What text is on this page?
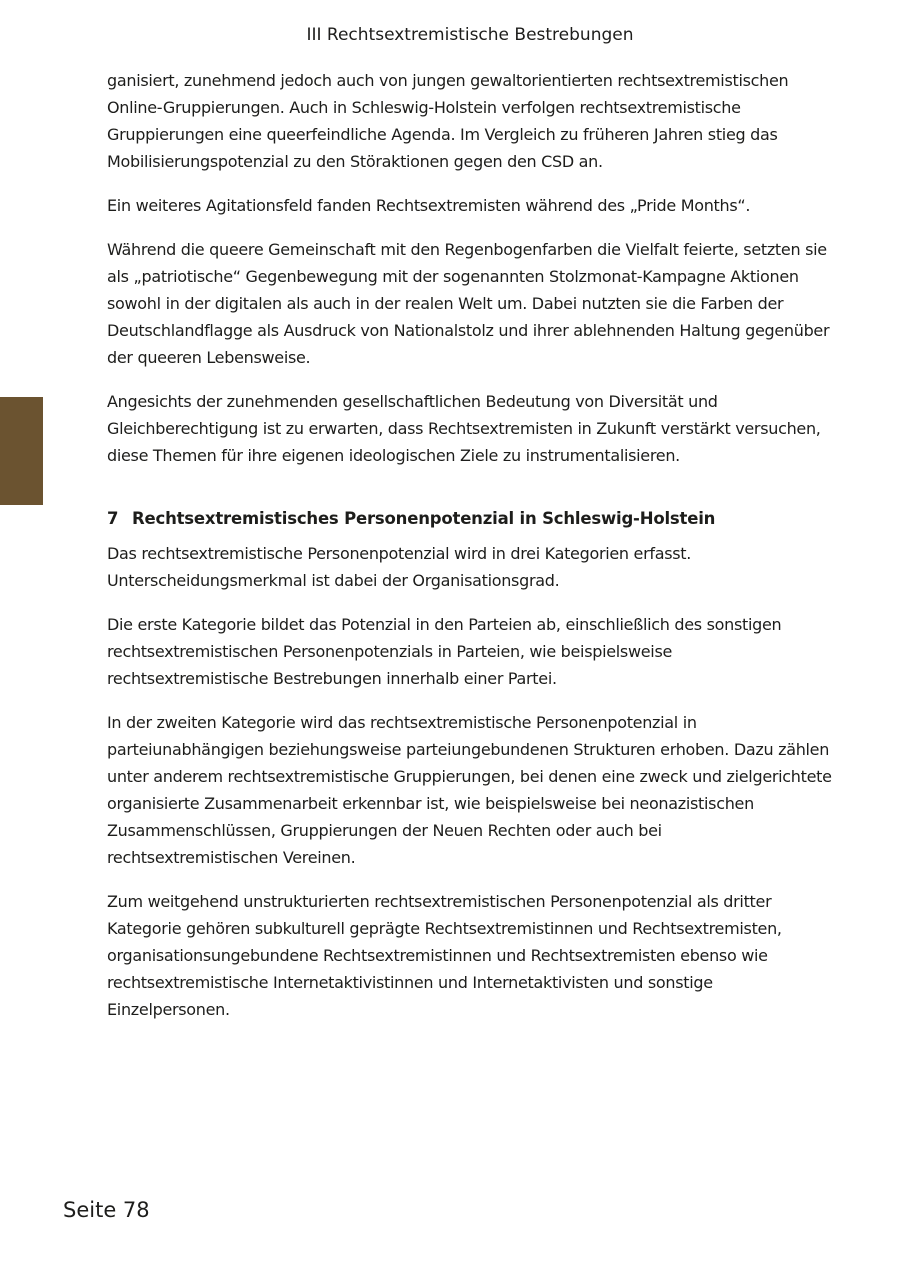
III Rechtsextremistische Bestrebungen

ganisiert, zunehmend jedoch auch von jungen gewaltorientierten rechtsextremistischen Online-Gruppierungen. Auch in Schleswig-Holstein verfolgen rechtsextremistische Gruppierungen eine queerfeindliche Agenda. Im Vergleich zu früheren Jahren stieg das Mobilisierungspotenzial zu den Störaktionen gegen den CSD an.

Ein weiteres Agitationsfeld fanden Rechtsextremisten während des „Pride Months“.

Während die queere Gemeinschaft mit den Regenbogenfarben die Vielfalt feierte, setzten sie als „patriotische“ Gegenbewegung mit der sogenannten Stolzmonat-Kampagne Aktionen sowohl in der digitalen als auch in der realen Welt um. Dabei nutzten sie die Farben der Deutschlandflagge als Ausdruck von Nationalstolz und ihrer ablehnenden Haltung gegenüber der queeren Lebensweise.

Angesichts der zunehmenden gesellschaftlichen Bedeutung von Diversität und Gleichberechtigung ist zu erwarten, dass Rechtsextremisten in Zukunft verstärkt versuchen, diese Themen für ihre eigenen ideologischen Ziele zu instrumentalisieren.

7 Rechtsextremistisches Personenpotenzial in Schleswig-Holstein

Das rechtsextremistische Personenpotenzial wird in drei Kategorien erfasst. Unterscheidungsmerkmal ist dabei der Organisationsgrad.

Die erste Kategorie bildet das Potenzial in den Parteien ab, einschließlich des sonstigen rechtsextremistischen Personenpotenzials in Parteien, wie beispielsweise rechtsextremistische Bestrebungen innerhalb einer Partei.

In der zweiten Kategorie wird das rechtsextremistische Personenpotenzial in parteiunabhängigen beziehungsweise parteiungebundenen Strukturen erhoben. Dazu zählen unter anderem rechtsextremistische Gruppierungen, bei denen eine zweck und zielgerichtete organisierte Zusammenarbeit erkennbar ist, wie beispielsweise bei neonazistischen Zusammenschlüssen, Gruppierungen der Neuen Rechten oder auch bei rechtsextremistischen Vereinen.

Zum weitgehend unstrukturierten rechtsextremistischen Personenpotenzial als dritter Kategorie gehören subkulturell geprägte Rechtsextremistinnen und Rechtsextremisten, organisationsungebundene Rechtsextremistinnen und Rechtsextremisten ebenso wie rechtsextremistische Internetaktivistinnen und Internetaktivisten und sonstige Einzelpersonen.

Seite 78
